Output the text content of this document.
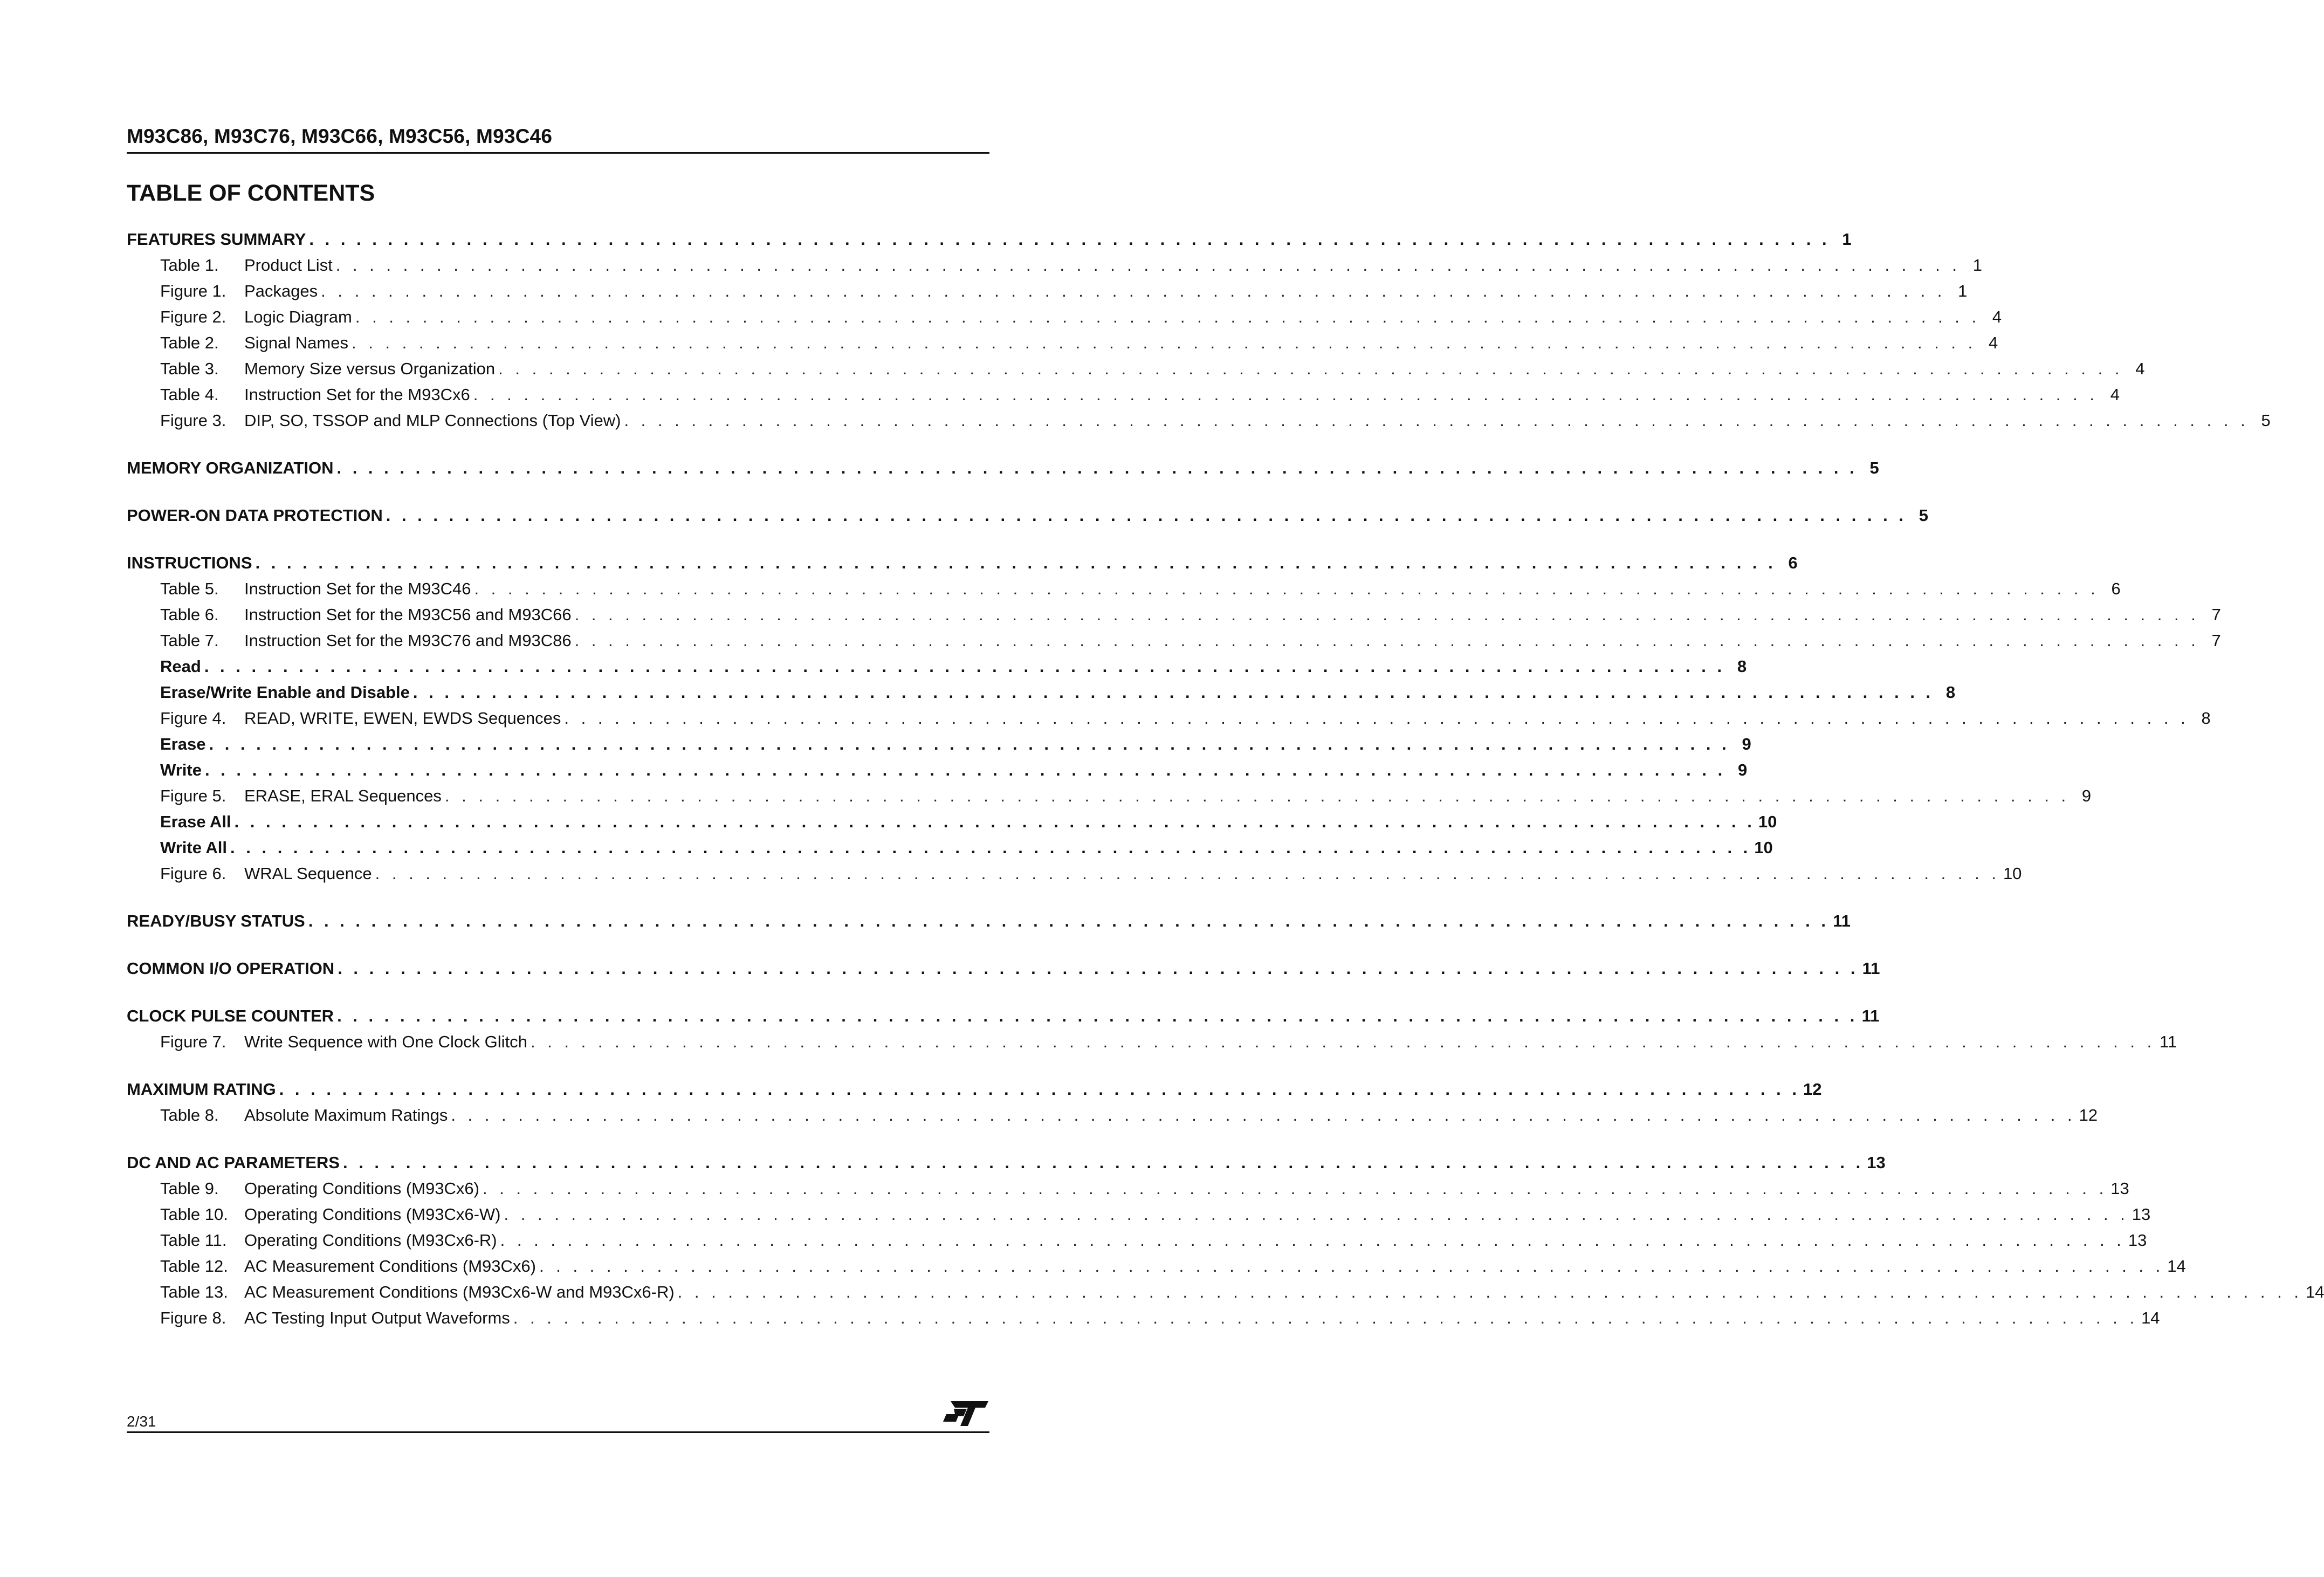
M93C86, M93C76, M93C66, M93C56, M93C46
TABLE OF CONTENTS
FEATURES SUMMARY . . . . . . . . . . . . . . . . . . . . . . . . . . . . . . . . . . . . . . . . . . . . . . . . . . . . . . . . . . . . . . . . . . . . . . . . . . . . . . . . . . . . . . . . . . . . . . . . . 1
Table 1. Product List . . . . . . . . . . . . . . . . . . . . . . . . . . . . . . . . . . . . . . . . . . . . . . . . . . . . . . . . . . . . . . . . . . . . . . . . . . . . . . . . . . . . . . . . . . . . . . . . . 1
Figure 1. Packages . . . . . . . . . . . . . . . . . . . . . . . . . . . . . . . . . . . . . . . . . . . . . . . . . . . . . . . . . . . . . . . . . . . . . . . . . . . . . . . . . . . . . . . . . . . . . . . . . 1
Figure 2. Logic Diagram . . . . . . . . . . . . . . . . . . . . . . . . . . . . . . . . . . . . . . . . . . . . . . . . . . . . . . . . . . . . . . . . . . . . . . . . . . . . . . . . . . . . . . . . . . . . . . . . . 4
Table 2. Signal Names . . . . . . . . . . . . . . . . . . . . . . . . . . . . . . . . . . . . . . . . . . . . . . . . . . . . . . . . . . . . . . . . . . . . . . . . . . . . . . . . . . . . . . . . . . . . . . . . . 4
Table 3. Memory Size versus Organization . . . . . . . . . . . . . . . . . . . . . . . . . . . . . . . . . . . . . . . . . . . . . . . . . . . . . . . . . . . . . . . . . . . . . . . . . . . . . . . . . . . . . . . . . . . . . . . . . 4
Table 4. Instruction Set for the M93Cx6 . . . . . . . . . . . . . . . . . . . . . . . . . . . . . . . . . . . . . . . . . . . . . . . . . . . . . . . . . . . . . . . . . . . . . . . . . . . . . . . . . . . . . . . . . . . . . . . . . 4
Figure 3. DIP, SO, TSSOP and MLP Connections (Top View) . . . . . . . . . . . . . . . . . . . . . . . . . . . . . . . . . . . . . . . . . . . . . . . . . . . . . . . . . . . . . . . . . . . . . . . . . . . . . . . . . . . . . . . . . . . . . . . . . 5
MEMORY ORGANIZATION . . . . . . . . . . . . . . . . . . . . . . . . . . . . . . . . . . . . . . . . . . . . . . . . . . . . . . . . . . . . . . . . . . . . . . . . . . . . . . . . . . . . . . . . . . . . . . . . . 5
POWER-ON DATA PROTECTION . . . . . . . . . . . . . . . . . . . . . . . . . . . . . . . . . . . . . . . . . . . . . . . . . . . . . . . . . . . . . . . . . . . . . . . . . . . . . . . . . . . . . . . . . . . . . . . . . 5
INSTRUCTIONS . . . . . . . . . . . . . . . . . . . . . . . . . . . . . . . . . . . . . . . . . . . . . . . . . . . . . . . . . . . . . . . . . . . . . . . . . . . . . . . . . . . . . . . . . . . . . . . . . 6
Table 5. Instruction Set for the M93C46 . . . . . . . . . . . . . . . . . . . . . . . . . . . . . . . . . . . . . . . . . . . . . . . . . . . . . . . . . . . . . . . . . . . . . . . . . . . . . . . . . . . . . . . . . . . . . . . . . 6
Table 6. Instruction Set for the M93C56 and M93C66 . . . . . . . . . . . . . . . . . . . . . . . . . . . . . . . . . . . . . . . . . . . . . . . . . . . . . . . . . . . . . . . . . . . . . . . . . . . . . . . . . . . . . . . . . . . . . . . . . 7
Table 7. Instruction Set for the M93C76 and M93C86 . . . . . . . . . . . . . . . . . . . . . . . . . . . . . . . . . . . . . . . . . . . . . . . . . . . . . . . . . . . . . . . . . . . . . . . . . . . . . . . . . . . . . . . . . . . . . . . . . 7
Read . . . . . . . . . . . . . . . . . . . . . . . . . . . . . . . . . . . . . . . . . . . . . . . . . . . . . . . . . . . . . . . . . . . . . . . . . . . . . . . . . . . . . . . . . . . . . . . . . 8
Erase/Write Enable and Disable . . . . . . . . . . . . . . . . . . . . . . . . . . . . . . . . . . . . . . . . . . . . . . . . . . . . . . . . . . . . . . . . . . . . . . . . . . . . . . . . . . . . . . . . . . . . . . . . . 8
Figure 4. READ, WRITE, EWEN, EWDS Sequences . . . . . . . . . . . . . . . . . . . . . . . . . . . . . . . . . . . . . . . . . . . . . . . . . . . . . . . . . . . . . . . . . . . . . . . . . . . . . . . . . . . . . . . . . . . . . . . . . 8
Erase . . . . . . . . . . . . . . . . . . . . . . . . . . . . . . . . . . . . . . . . . . . . . . . . . . . . . . . . . . . . . . . . . . . . . . . . . . . . . . . . . . . . . . . . . . . . . . . . . 9
Write . . . . . . . . . . . . . . . . . . . . . . . . . . . . . . . . . . . . . . . . . . . . . . . . . . . . . . . . . . . . . . . . . . . . . . . . . . . . . . . . . . . . . . . . . . . . . . . . . 9
Figure 5. ERASE, ERAL Sequences . . . . . . . . . . . . . . . . . . . . . . . . . . . . . . . . . . . . . . . . . . . . . . . . . . . . . . . . . . . . . . . . . . . . . . . . . . . . . . . . . . . . . . . . . . . . . . . . . 9
Erase All . . . . . . . . . . . . . . . . . . . . . . . . . . . . . . . . . . . . . . . . . . . . . . . . . . . . . . . . . . . . . . . . . . . . . . . . . . . . . . . . . . . . . . . . . . . . . . . . . 10
Write All . . . . . . . . . . . . . . . . . . . . . . . . . . . . . . . . . . . . . . . . . . . . . . . . . . . . . . . . . . . . . . . . . . . . . . . . . . . . . . . . . . . . . . . . . . . . . . . . . 10
Figure 6. WRAL Sequence . . . . . . . . . . . . . . . . . . . . . . . . . . . . . . . . . . . . . . . . . . . . . . . . . . . . . . . . . . . . . . . . . . . . . . . . . . . . . . . . . . . . . . . . . . . . . . . . . 10
READY/BUSY STATUS . . . . . . . . . . . . . . . . . . . . . . . . . . . . . . . . . . . . . . . . . . . . . . . . . . . . . . . . . . . . . . . . . . . . . . . . . . . . . . . . . . . . . . . . . . . . . . . . . 11
COMMON I/O OPERATION . . . . . . . . . . . . . . . . . . . . . . . . . . . . . . . . . . . . . . . . . . . . . . . . . . . . . . . . . . . . . . . . . . . . . . . . . . . . . . . . . . . . . . . . . . . . . . . . . 11
CLOCK PULSE COUNTER . . . . . . . . . . . . . . . . . . . . . . . . . . . . . . . . . . . . . . . . . . . . . . . . . . . . . . . . . . . . . . . . . . . . . . . . . . . . . . . . . . . . . . . . . . . . . . . . . 11
Figure 7. Write Sequence with One Clock Glitch . . . . . . . . . . . . . . . . . . . . . . . . . . . . . . . . . . . . . . . . . . . . . . . . . . . . . . . . . . . . . . . . . . . . . . . . . . . . . . . . . . . . . . . . . . . . . . . . . 11
MAXIMUM RATING . . . . . . . . . . . . . . . . . . . . . . . . . . . . . . . . . . . . . . . . . . . . . . . . . . . . . . . . . . . . . . . . . . . . . . . . . . . . . . . . . . . . . . . . . . . . . . . . . 12
Table 8. Absolute Maximum Ratings . . . . . . . . . . . . . . . . . . . . . . . . . . . . . . . . . . . . . . . . . . . . . . . . . . . . . . . . . . . . . . . . . . . . . . . . . . . . . . . . . . . . . . . . . . . . . . . . . 12
DC AND AC PARAMETERS . . . . . . . . . . . . . . . . . . . . . . . . . . . . . . . . . . . . . . . . . . . . . . . . . . . . . . . . . . . . . . . . . . . . . . . . . . . . . . . . . . . . . . . . . . . . . . . . . 13
Table 9. Operating Conditions (M93Cx6) . . . . . . . . . . . . . . . . . . . . . . . . . . . . . . . . . . . . . . . . . . . . . . . . . . . . . . . . . . . . . . . . . . . . . . . . . . . . . . . . . . . . . . . . . . . . . . . . . 13
Table 10. Operating Conditions (M93Cx6-W) . . . . . . . . . . . . . . . . . . . . . . . . . . . . . . . . . . . . . . . . . . . . . . . . . . . . . . . . . . . . . . . . . . . . . . . . . . . . . . . . . . . . . . . . . . . . . . . . . 13
Table 11. Operating Conditions (M93Cx6-R) . . . . . . . . . . . . . . . . . . . . . . . . . . . . . . . . . . . . . . . . . . . . . . . . . . . . . . . . . . . . . . . . . . . . . . . . . . . . . . . . . . . . . . . . . . . . . . . . . 13
Table 12. AC Measurement Conditions (M93Cx6) . . . . . . . . . . . . . . . . . . . . . . . . . . . . . . . . . . . . . . . . . . . . . . . . . . . . . . . . . . . . . . . . . . . . . . . . . . . . . . . . . . . . . . . . . . . . . . . . . 14
Table 13. AC Measurement Conditions (M93Cx6-W and M93Cx6-R) . . . . . . . . . . . . . . . . . . . . . . . . . . . . . . . . . . . . . . . . . . . . . . . . . . . . . . . . . . . . . . . . . . . . . . . . . . . . . . . . . . . . . . . . . . . . . . . . . 14
Figure 8. AC Testing Input Output Waveforms . . . . . . . . . . . . . . . . . . . . . . . . . . . . . . . . . . . . . . . . . . . . . . . . . . . . . . . . . . . . . . . . . . . . . . . . . . . . . . . . . . . . . . . . . . . . . . . . . 14
2/31
